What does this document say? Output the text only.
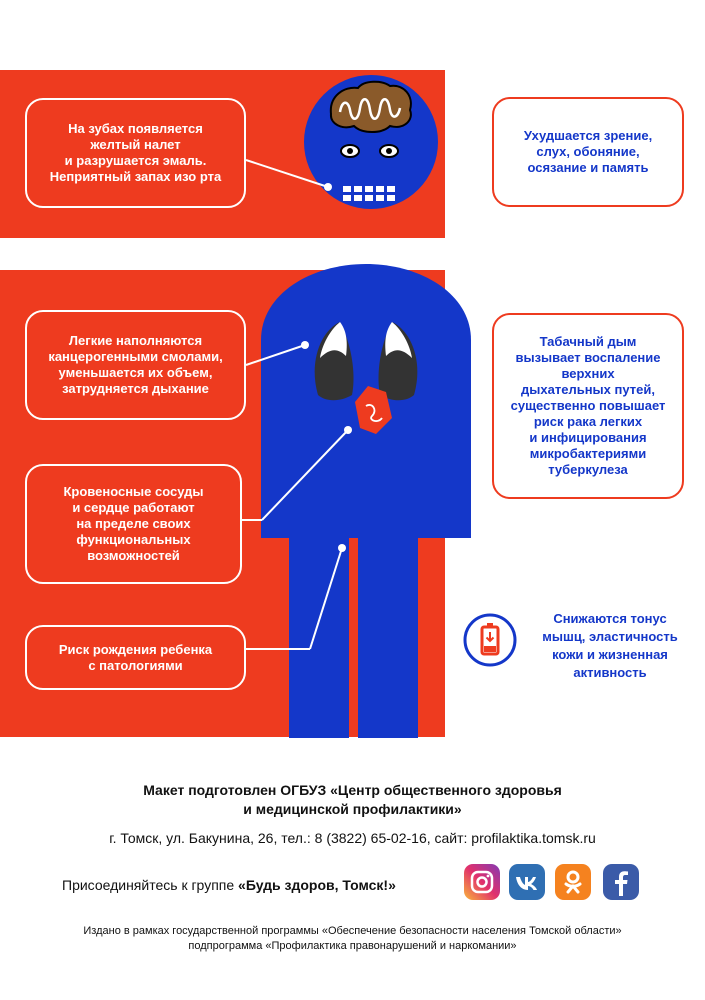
На зубах появляется
желтый налет
и разрушается эмаль.
Неприятный запах изо рта
Легкие наполняются
канцерогенными смолами,
уменьшается их объем,
затрудняется дыхание
Кровеносные сосуды
и сердце работают
на пределе своих
функциональных
возможностей
Риск рождения ребенка
с патологиями
Ухудшается зрение,
слух, обоняние,
осязание и память
Табачный дым
вызывает воспаление
верхних
дыхательных путей,
существенно повышает
риск рака легких
и инфицирования
микробактериями
туберкулеза
Снижаются тонус
мышц, эластичность
кожи и жизненная
активность
Макет подготовлен ОГБУЗ «Центр общественного здоровья
и медицинской профилактики»
г. Томск, ул. Бакунина, 26, тел.: 8 (3822) 65-02-16, сайт: profilaktika.tomsk.ru
Присоединяйтесь к группе «Будь здоров, Томск!»
Издано в рамках государственной программы «Обеспечение безопасности населения Томской области»
подпрограмма «Профилактика правонарушений и наркомании»
